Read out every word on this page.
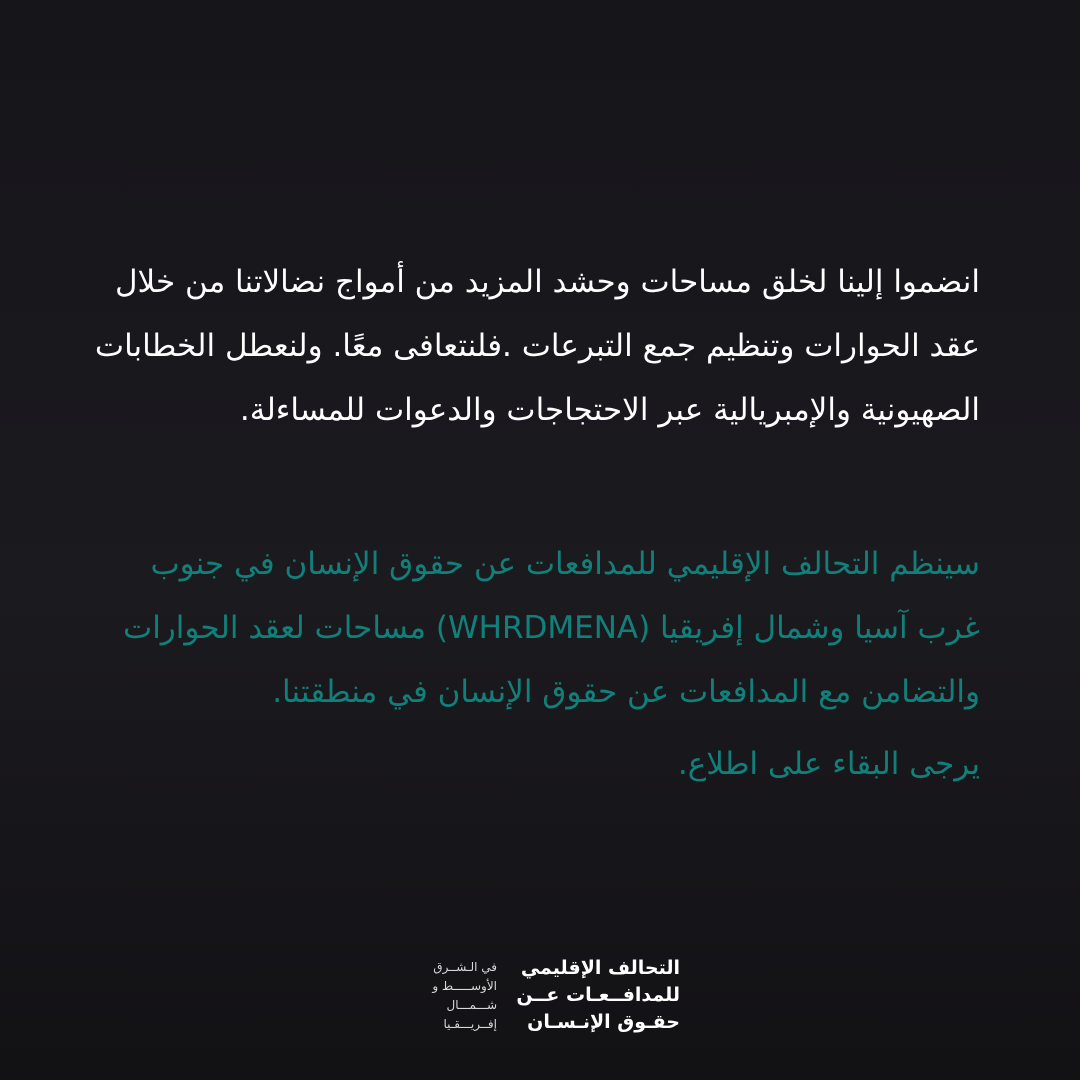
انضموا إلينا لخلق مساحات وحشد المزيد من أمواج نضالاتنا من خلال عقد الحوارات وتنظيم جمع التبرعات .فلنتعافى معًا. ولنعطل الخطابات الصهيونية والإمبريالية عبر الاحتجاجات والدعوات للمساءلة.

سينظم التحالف الإقليمي للمدافعات عن حقوق الإنسان في جنوب غرب آسيا وشمال إفريقيا (WHRDMENA) مساحات لعقد الحوارات والتضامن مع المدافعات عن حقوق الإنسان في منطقتنا.

يرجى البقاء على اطلاع.

التحالف الإقليمي
للمدافــعـات عــن
حقـوق الإنـسـان
في الـشــرق
الأوســـــط و
شـــمـــال
إفــريـــقـيا
